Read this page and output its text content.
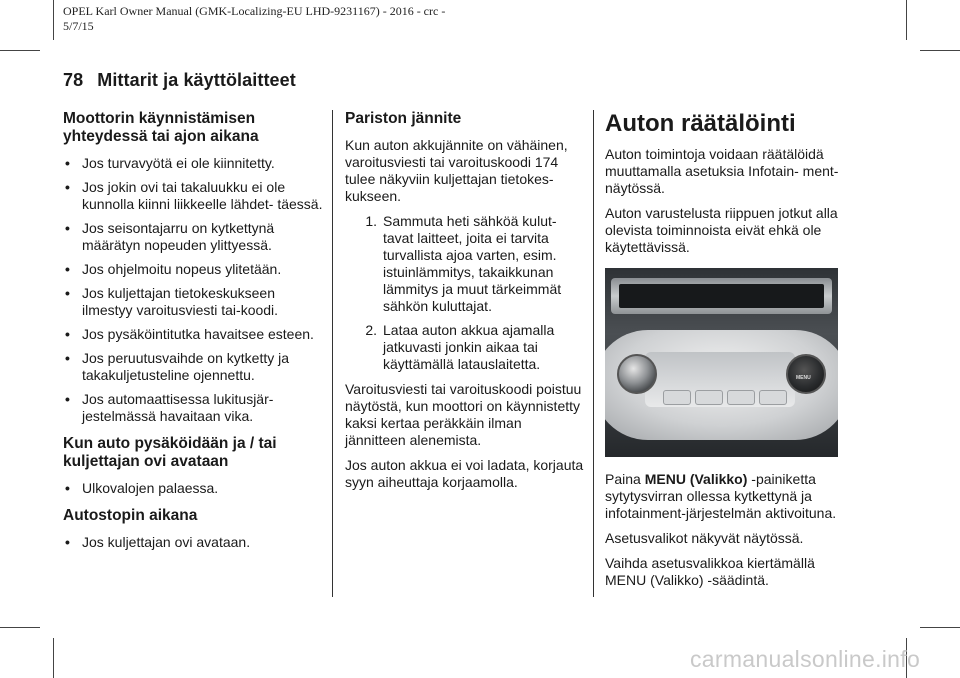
OPEL Karl Owner Manual (GMK-Localizing-EU LHD-9231167) - 2016 - crc -
5/7/15
78 Mittarit ja käyttölaitteet
Moottorin käynnistämisen yhteydessä tai ajon aikana
• Jos turvavyötä ei ole kiinnitetty.
• Jos jokin ovi tai takaluukku ei ole kunnolla kiinni liikkeelle lähdet- täessä.
• Jos seisontajarru on kytkettynä määrätyn nopeuden ylittyessä.
• Jos ohjelmoitu nopeus ylitetään.
• Jos kuljettajan tietokeskukseen ilmestyy varoitusviesti tai-koodi.
• Jos pysäköintitutka havaitsee esteen.
• Jos peruutusvaihde on kytketty ja takakuljetusteline ojennettu.
• Jos automaattisessa lukitusjär- jestelmässä havaitaan vika.
Kun auto pysäköidään ja / tai kuljettajan ovi avataan
• Ulkovalojen palaessa.
Autostopin aikana
• Jos kuljettajan ovi avataan.
Pariston jännite

Kun auton akkujännite on vähäinen, varoitusviesti tai varoituskoodi 174 tulee näkyviin kuljettajan tietokes- kukseen.

1. Sammuta heti sähköä kulut- tavat laitteet, joita ei tarvita turvallista ajoa varten, esim. istuinlämmitys, takaikkunan lämmitys ja muut tärkeimmät sähkön kuluttajat.
2. Lataa auton akkua ajamalla jatkuvasti jonkin aikaa tai käyttämällä latauslaitetta.

Varoitusviesti tai varoituskoodi poistuu näytöstä, kun moottori on käynnistetty kaksi kertaa peräkkäin ilman jännitteen alenemista.

Jos auton akkua ei voi ladata, korjauta syyn aiheuttaja korjaamolla.

Auton räätälöinti

Auton toimintoja voidaan räätälöidä muuttamalla asetuksia Infotain- ment-näytössä.

Auton varustelusta riippuen jotkut alla olevista toiminnoista eivät ehkä ole käytettävissä.

MENU

Paina MENU (Valikko) -painiketta sytytysvirran ollessa kytkettynä ja infotainment-järjestelmän aktivoituna.

Asetusvalikot näkyvät näytössä.

Vaihda asetusvalikkoa kiertämällä MENU (Valikko) -säädintä.

carmanualsonline.info
